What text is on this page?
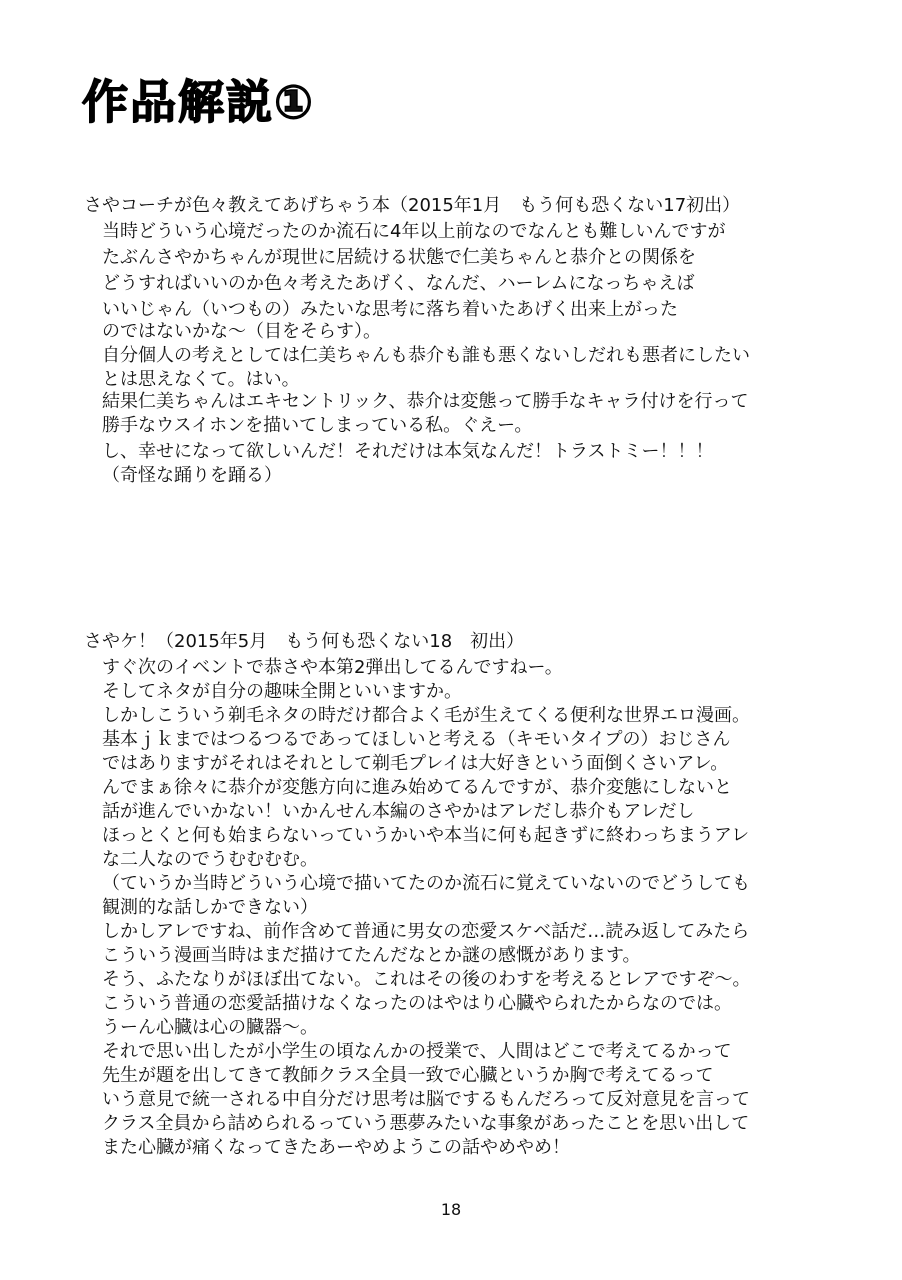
作品解説①
さやコーチが色々教えてあげちゃう本（2015年1月　もう何も恐くない17初出）
当時どういう心境だったのか流石に4年以上前なのでなんとも難しいんですが
たぶんさやかちゃんが現世に居続ける状態で仁美ちゃんと恭介との関係を
どうすればいいのか色々考えたあげく、なんだ、ハーレムになっちゃえば
いいじゃん（いつもの）みたいな思考に落ち着いたあげく出来上がった
のではないかな～（目をそらす）。
自分個人の考えとしては仁美ちゃんも恭介も誰も悪くないしだれも悪者にしたい
とは思えなくて。はい。
結果仁美ちゃんはエキセントリック、恭介は変態って勝手なキャラ付けを行って
勝手なウスイホンを描いてしまっている私。ぐえー。
し、幸せになって欲しいんだ！それだけは本気なんだ！トラストミー！！！
（奇怪な踊りを踊る）
さやケ！（2015年5月　もう何も恐くない18　初出）
すぐ次のイベントで恭さや本第2弾出してるんですねー。
そしてネタが自分の趣味全開といいますか。
しかしこういう剃毛ネタの時だけ都合よく毛が生えてくる便利な世界エロ漫画。
基本ｊｋまではつるつるであってほしいと考える（キモいタイプの）おじさん
ではありますがそれはそれとして剃毛プレイは大好きという面倒くさいアレ。
んでまぁ徐々に恭介が変態方向に進み始めてるんですが、恭介変態にしないと
話が進んでいかない！いかんせん本編のさやかはアレだし恭介もアレだし
ほっとくと何も始まらないっていうかいや本当に何も起きずに終わっちまうアレ
な二人なのでうむむむむ。
（ていうか当時どういう心境で描いてたのか流石に覚えていないのでどうしても
観測的な話しかできない）
しかしアレですね、前作含めて普通に男女の恋愛スケベ話だ…読み返してみたら
こういう漫画当時はまだ描けてたんだなとか謎の感慨があります。
そう、ふたなりがほぼ出てない。これはその後のわすを考えるとレアですぞ～。
こういう普通の恋愛話描けなくなったのはやはり心臓やられたからなのでは。
うーん心臓は心の臓器～。
それで思い出したが小学生の頃なんかの授業で、人間はどこで考えてるかって
先生が題を出してきて教師クラス全員一致で心臓というか胸で考えてるって
いう意見で統一される中自分だけ思考は脳でするもんだろって反対意見を言って
クラス全員から詰められるっていう悪夢みたいな事象があったことを思い出して
また心臓が痛くなってきたあーやめようこの話やめやめ！
18
